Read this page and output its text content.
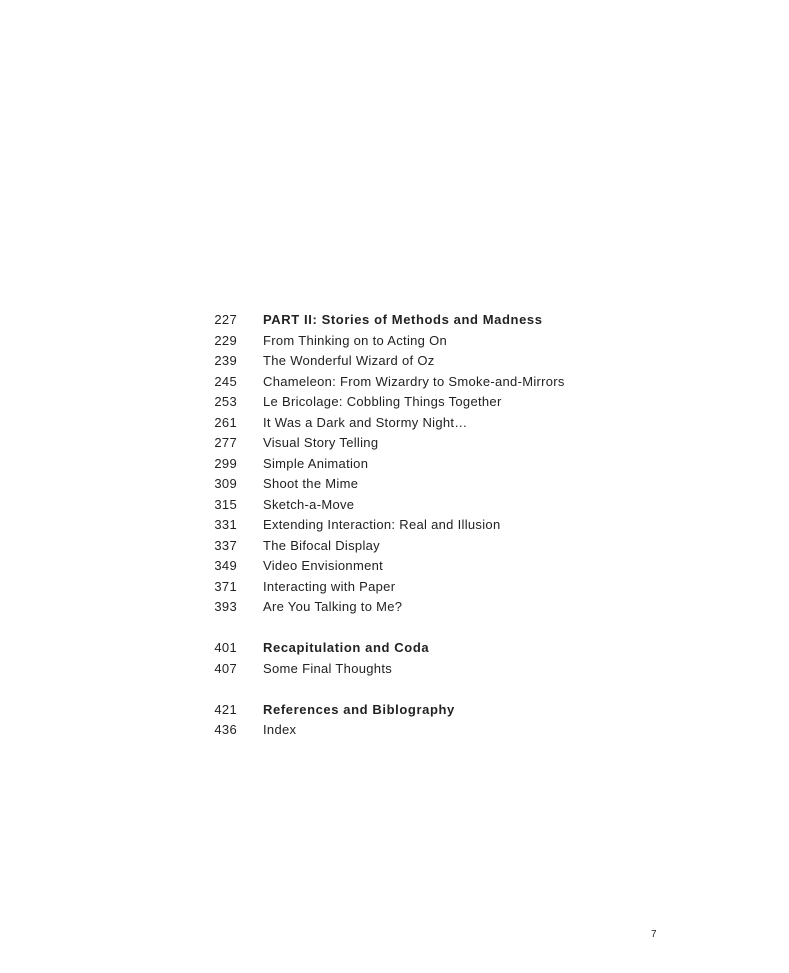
227 PART II: Stories of Methods and Madness
229 From Thinking on to Acting On
239 The Wonderful Wizard of Oz
245 Chameleon: From Wizardry to Smoke-and-Mirrors
253 Le Bricolage: Cobbling Things Together
261 It Was a Dark and Stormy Night…
277 Visual Story Telling
299 Simple Animation
309 Shoot the Mime
315 Sketch-a-Move
331 Extending Interaction: Real and Illusion
337 The Bifocal Display
349 Video Envisionment
371 Interacting with Paper
393 Are You Talking to Me?
401 Recapitulation and Coda
407 Some Final Thoughts
421 References and Biblography
436 Index
7
